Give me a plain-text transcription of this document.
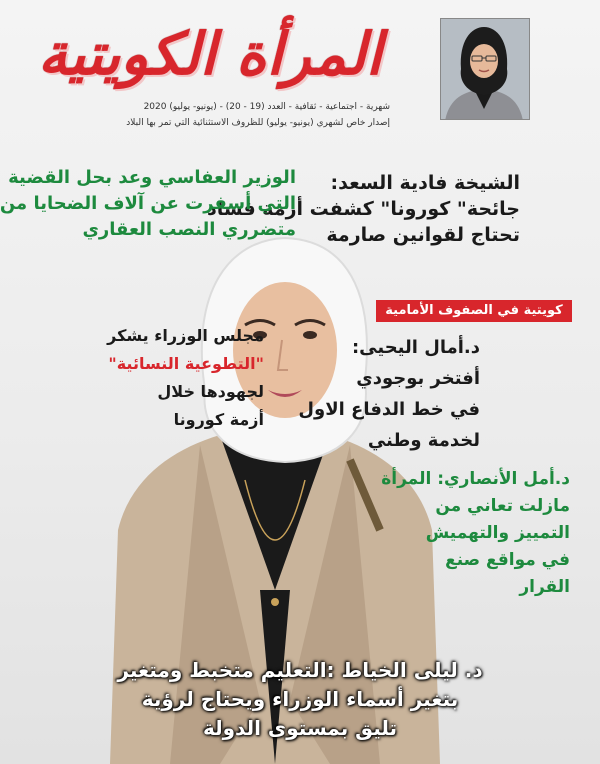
المرأة الكويتية
شهرية - اجتماعية - ثقافية - العدد (19 - 20) - (يونيو- يوليو) 2020
إصدار خاص لشهري (يونيو- يوليو) للظروف الاستثنائية التي تمر بها البلاد
الشيخة فادية السعد:
جائحة" كورونا" كشفت أزمة فساد
تحتاج لقوانين صارمة
الوزير العفاسي وعد بحل القضية
التي أسفرت عن آلاف الضحايا من
متضرري النصب العقاري
كويتية في الصفوف الأمامية
د.أمال اليحيى:
أفتخر بوجودي
في خط الدفاع الاول
لخدمة وطني
مجلس الوزراء يشكر
"التطوعية النسائية"
لجهودها خلال
أزمة كورونا
د.أمل الأنصاري: المرأة
مازلت تعاني من
التمييز والتهميش
في مواقع صنع
القرار
د. ليلى الخياط :التعليم متخبط ومتغير
بتغير أسماء الوزراء ويحتاج لرؤية
تليق بمستوى الدولة
